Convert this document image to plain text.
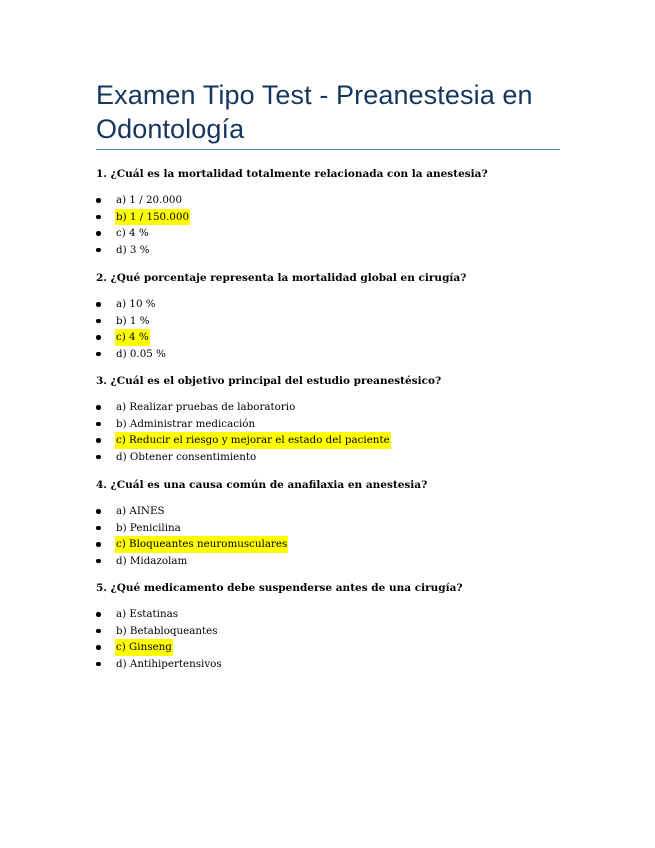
Examen Tipo Test - Preanestesia en Odontología

1. ¿Cuál es la mortalidad totalmente relacionada con la anestesia?

a) 1 / 20.000
b) 1 / 150.000
c) 4 %
d) 3 %

2. ¿Qué porcentaje representa la mortalidad global en cirugía?

a) 10 %
b) 1 %
c) 4 %
d) 0.05 %

3. ¿Cuál es el objetivo principal del estudio preanestésico?

a) Realizar pruebas de laboratorio
b) Administrar medicación
c) Reducir el riesgo y mejorar el estado del paciente
d) Obtener consentimiento

4. ¿Cuál es una causa común de anafilaxia en anestesia?

a) AINES
b) Penicilina
c) Bloqueantes neuromusculares
d) Midazolam

5. ¿Qué medicamento debe suspenderse antes de una cirugía?

a) Estatinas
b) Betabloqueantes
c) Ginseng
d) Antihipertensivos
